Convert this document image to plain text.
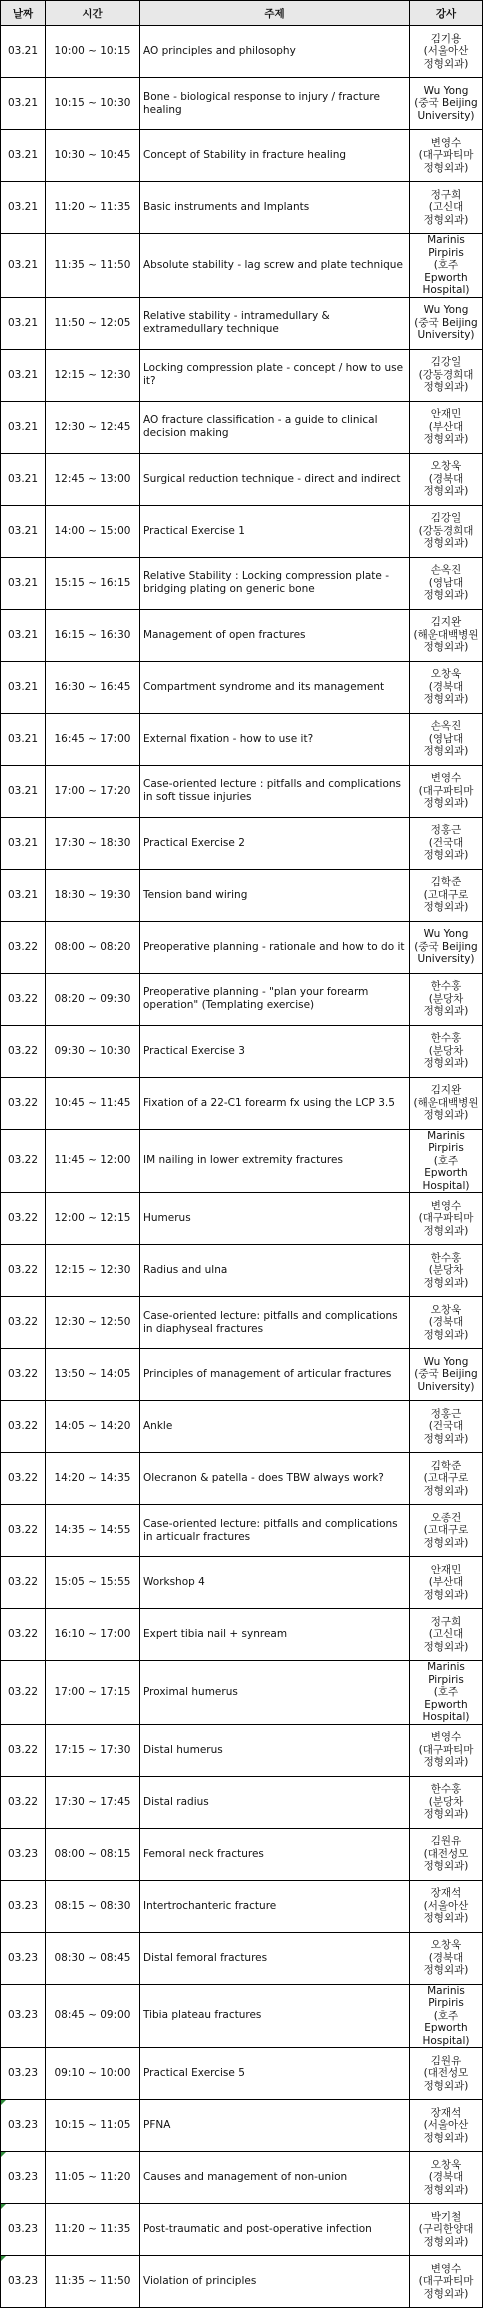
날짜	시간	주제	강사
03.21	10:00 ~ 10:15	AO principles and philosophy	김기용
(서울아산
정형외과)
03.21	10:15 ~ 10:30	Bone - biological response to injury / fracture healing	Wu Yong
(중국 Beijing
University)
03.21	10:30 ~ 10:45	Concept of Stability in fracture healing	변영수
(대구파티마
정형외과)
03.21	11:20 ~ 11:35	Basic instruments and Implants	정구희
(고신대
정형외과)
03.21	11:35 ~ 11:50	Absolute stability - lag screw and plate technique	Marinis Pirpiris
(호주 Epworth
Hospital)
03.21	11:50 ~ 12:05	Relative stability - intramedullary & extramedullary technique	Wu Yong
(중국 Beijing
University)
03.21	12:15 ~ 12:30	Locking compression plate - concept / how to use it?	김강일
(강동경희대
정형외과)
03.21	12:30 ~ 12:45	AO fracture classification - a guide to clinical decision making	안재민
(부산대
정형외과)
03.21	12:45 ~ 13:00	Surgical reduction technique - direct and indirect	오창욱
(경북대
정형외과)
03.21	14:00 ~ 15:00	Practical Exercise 1	김강일
(강동경희대
정형외과)
03.21	15:15 ~ 16:15	Relative Stability : Locking compression plate - bridging plating on generic bone	손옥진
(영남대
정형외과)
03.21	16:15 ~ 16:30	Management of open fractures	김지완
(해운대백병원
정형외과)
03.21	16:30 ~ 16:45	Compartment syndrome and its management	오창욱
(경북대
정형외과)
03.21	16:45 ~ 17:00	External fixation - how to use it?	손옥진
(영남대
정형외과)
03.21	17:00 ~ 17:20	Case-oriented lecture : pitfalls and complications in soft tissue injuries	변영수
(대구파티마
정형외과)
03.21	17:30 ~ 18:30	Practical Exercise 2	정홍근
(건국대
정형외과)
03.21	18:30 ~ 19:30	Tension band wiring	김학준
(고대구로
정형외과)
03.22	08:00 ~ 08:20	Preoperative planning - rationale and how to do it	Wu Yong
(중국 Beijing
University)
03.22	08:20 ~ 09:30	Preoperative planning - "plan your forearm operation" (Templating exercise)	한수홍
(분당차
정형외과)
03.22	09:30 ~ 10:30	Practical Exercise 3	한수홍
(분당차
정형외과)
03.22	10:45 ~ 11:45	Fixation of a 22-C1 forearm fx using the LCP 3.5	김지완
(해운대백병원
정형외과)
03.22	11:45 ~ 12:00	IM nailing in lower extremity fractures	Marinis Pirpiris
(호주 Epworth
Hospital)
03.22	12:00 ~ 12:15	Humerus	변영수
(대구파티마
정형외과)
03.22	12:15 ~ 12:30	Radius and ulna	한수홍
(분당차
정형외과)
03.22	12:30 ~ 12:50	Case-oriented lecture: pitfalls and complications in diaphyseal fractures	오창욱
(경북대
정형외과)
03.22	13:50 ~ 14:05	Principles of management of articular fractures	Wu Yong
(중국 Beijing
University)
03.22	14:05 ~ 14:20	Ankle	정홍근
(건국대
정형외과)
03.22	14:20 ~ 14:35	Olecranon & patella - does TBW always work?	김학준
(고대구로
정형외과)
03.22	14:35 ~ 14:55	Case-oriented lecture: pitfalls and complications in articualr fractures	오종건
(고대구로
정형외과)
03.22	15:05 ~ 15:55	Workshop 4	안재민
(부산대
정형외과)
03.22	16:10 ~ 17:00	Expert tibia nail + synream	정구희
(고신대
정형외과)
03.22	17:00 ~ 17:15	Proximal humerus	Marinis Pirpiris
(호주 Epworth
Hospital)
03.22	17:15 ~ 17:30	Distal humerus	변영수
(대구파티마
정형외과)
03.22	17:30 ~ 17:45	Distal radius	한수홍
(분당차
정형외과)
03.23	08:00 ~ 08:15	Femoral neck fractures	김원유
(대전성모
정형외과)
03.23	08:15 ~ 08:30	Intertrochanteric fracture	장재석
(서울아산
정형외과)
03.23	08:30 ~ 08:45	Distal femoral fractures	오창욱
(경북대
정형외과)
03.23	08:45 ~ 09:00	Tibia plateau fractures	Marinis Pirpiris
(호주 Epworth
Hospital)
03.23	09:10 ~ 10:00	Practical Exercise 5	김원유
(대전성모
정형외과)
03.23	10:15 ~ 11:05	PFNA	장재석
(서울아산
정형외과)
03.23	11:05 ~ 11:20	Causes and management of non-union	오창욱
(경북대
정형외과)
03.23	11:20 ~ 11:35	Post-traumatic and post-operative infection	박기철
(구리한양대
정형외과)
03.23	11:35 ~ 11:50	Violation of principles	변영수
(대구파티마
정형외과)
